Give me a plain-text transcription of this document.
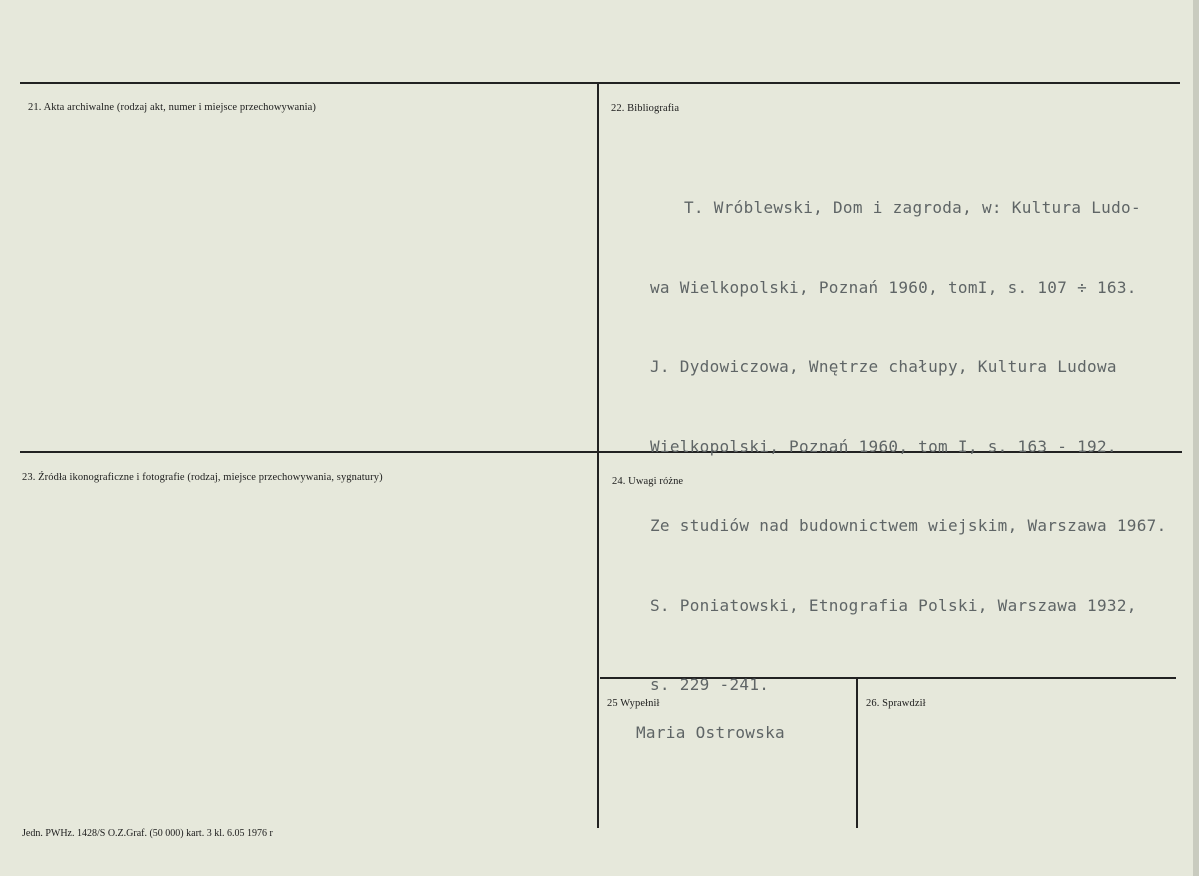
21. Akta archiwalne (rodzaj akt, numer i miejsce przechowywania)	22. Bibliografia

T. Wróblewski, Dom i zagroda, w: Kultura Ludo-

wa Wielkopolski, Poznań 1960, tomI, s. 107 ÷ 163.

J. Dydowiczowa, Wnętrze chałupy, Kultura Ludowa

Wielkopolski, Poznań 1960, tom I, s. 163 - 192.

Ze studiów nad budownictwem wiejskim, Warszawa 1967.

S. Poniatowski, Etnografia Polski, Warszawa 1932,

s. 229 -241.

23. Źródła ikonograficzne i fotografie (rodzaj, miejsce przechowywania, sygnatury)	24. Uwagi różne
25 Wypełnił
Maria Ostrowska
26. Sprawdził
Jedn. PWHz. 1428/S O.Z.Graf. (50 000) kart. 3 kl. 6.05 1976 r
